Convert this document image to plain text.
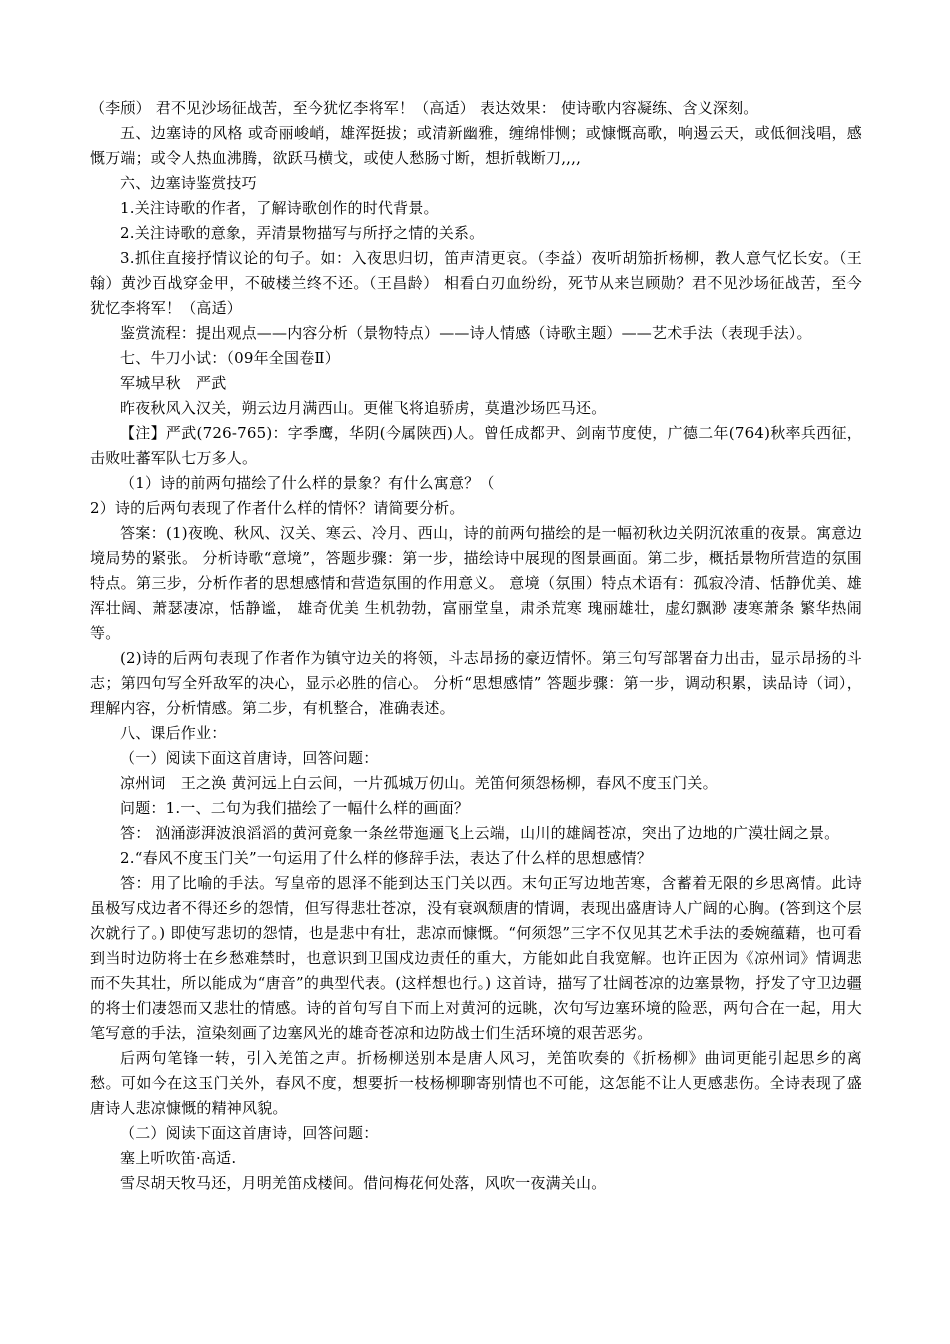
（李颀） 君不见沙场征战苦，至今犹忆李将军！（高适） 表达效果： 使诗歌内容凝练、含义深刻。

五、边塞诗的风格 或奇丽峻峭，雄浑挺拔；或清新幽雅，缠绵悱恻；或慷慨高歌，响遏云天，或低徊浅唱，感慨万端；或令人热血沸腾，欲跃马横戈，或使人愁肠寸断，想折戟断刀,,,,

六、边塞诗鉴赏技巧

1.关注诗歌的作者，了解诗歌创作的时代背景。

2.关注诗歌的意象，弄清景物描写与所抒之情的关系。

3.抓住直接抒情议论的句子。如：入夜思归切，笛声清更哀。（李益）夜听胡笳折杨柳，教人意气忆长安。（王翰）黄沙百战穿金甲，不破楼兰终不还。（王昌龄） 相看白刃血纷纷，死节从来岂顾勋？君不见沙场征战苦，至今犹忆李将军！（高适）

鉴赏流程：提出观点——内容分析（景物特点）——诗人情感（诗歌主题）——艺术手法（表现手法）。

七、牛刀小试：（09年全国卷Ⅱ）

军城早秋　严武

昨夜秋风入汉关，朔云边月满西山。更催飞将追骄虏，莫遣沙场匹马还。

【注】严武(726-765)：字季鹰，华阴(今属陕西)人。曾任成都尹、剑南节度使，广德二年(764)秋率兵西征，击败吐蕃军队七万多人。

（1）诗的前两句描绘了什么样的景象？有什么寓意？（

2）诗的后两句表现了作者什么样的情怀？请简要分析。

答案：(1)夜晚、秋风、汉关、寒云、冷月、西山，诗的前两句描绘的是一幅初秋边关阴沉浓重的夜景。寓意边境局势的紧张。 分析诗歌“意境”，答题步骤：第一步，描绘诗中展现的图景画面。第二步，概括景物所营造的氛围特点。第三步，分析作者的思想感情和营造氛围的作用意义。 意境（氛围）特点术语有：孤寂冷清、恬静优美、雄浑壮阔、萧瑟凄凉，恬静谧， 雄奇优美 生机勃勃，富丽堂皇，肃杀荒寒 瑰丽雄壮，虚幻飘渺 凄寒萧条 繁华热闹等。

(2)诗的后两句表现了作者作为镇守边关的将领，斗志昂扬的豪迈情怀。第三句写部署奋力出击，显示昂扬的斗志；第四句写全歼敌军的决心，显示必胜的信心。 分析“思想感情” 答题步骤：第一步，调动积累，读品诗（词），理解内容，分析情感。第二步，有机整合，准确表述。

八、课后作业：

（一）阅读下面这首唐诗，回答问题：

凉州词　王之涣 黄河远上白云间，一片孤城万仞山。羌笛何须怨杨柳，春风不度玉门关。

问题：1.一、二句为我们描绘了一幅什么样的画面？

答： 汹涌澎湃波浪滔滔的黄河竟象一条丝带迤逦飞上云端，山川的雄阔苍凉，突出了边地的广漠壮阔之景。

2.“春风不度玉门关”一句运用了什么样的修辞手法，表达了什么样的思想感情？

答：用了比喻的手法。写皇帝的恩泽不能到达玉门关以西。末句正写边地苦寒，含蓄着无限的乡思离情。此诗虽极写戍边者不得还乡的怨情，但写得悲壮苍凉，没有衰飒颓唐的情调，表现出盛唐诗人广阔的心胸。(答到这个层次就行了。) 即使写悲切的怨情，也是悲中有壮，悲凉而慷慨。“何须怨”三字不仅见其艺术手法的委婉蕴藉，也可看到当时边防将士在乡愁难禁时，也意识到卫国戍边责任的重大，方能如此自我宽解。也许正因为《凉州词》情调悲而不失其壮，所以能成为“唐音”的典型代表。(这样想也行。) 这首诗，描写了壮阔苍凉的边塞景物，抒发了守卫边疆的将士们凄怨而又悲壮的情感。诗的首句写自下而上对黄河的远眺，次句写边塞环境的险恶，两句合在一起，用大笔写意的手法，渲染刻画了边塞风光的雄奇苍凉和边防战士们生活环境的艰苦恶劣。

后两句笔锋一转，引入羌笛之声。折杨柳送别本是唐人风习，羌笛吹奏的《折杨柳》曲词更能引起思乡的离愁。可如今在这玉门关外，春风不度，想要折一枝杨柳聊寄别情也不可能，这怎能不让人更感悲伤。全诗表现了盛唐诗人悲凉慷慨的精神风貌。

（二）阅读下面这首唐诗，回答问题：

塞上听吹笛·高适.

雪尽胡天牧马还，月明羌笛戍楼间。借问梅花何处落，风吹一夜满关山。
